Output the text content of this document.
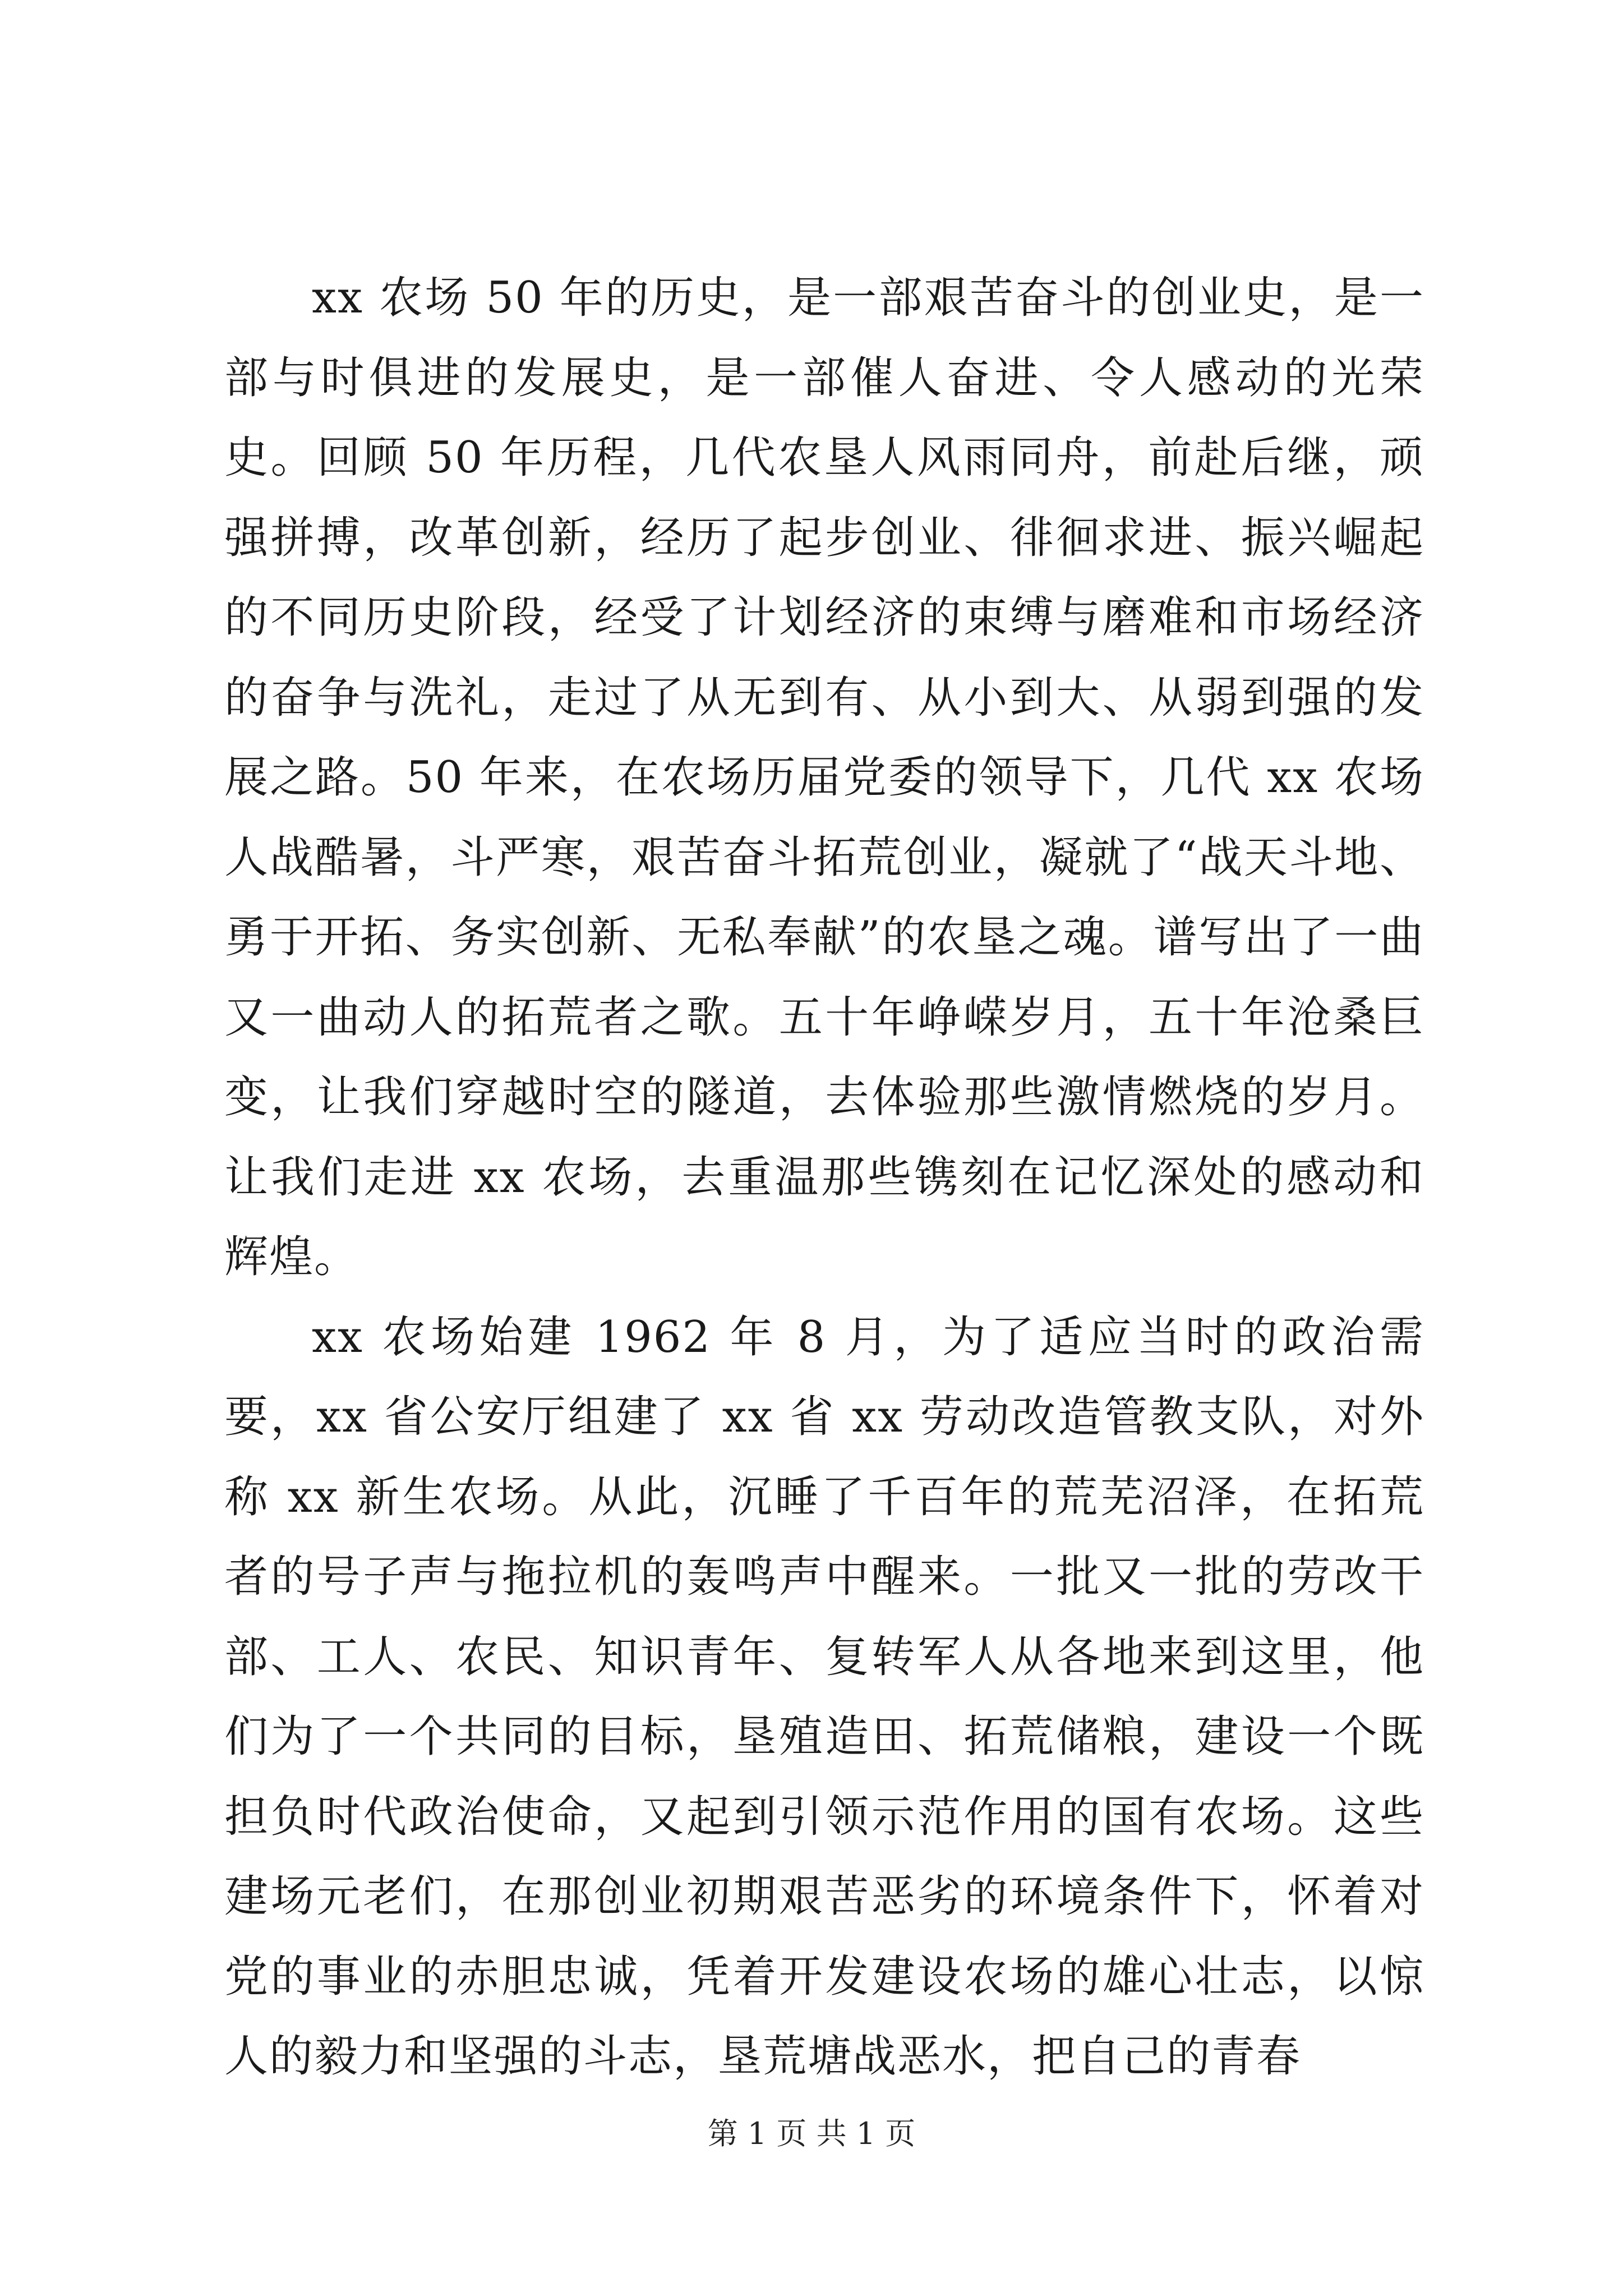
xx 农场 50 年的历史，是一部艰苦奋斗的创业史，是一部与时俱进的发展史，是一部催人奋进、令人感动的光荣史。回顾 50 年历程，几代农垦人风雨同舟，前赴后继，顽强拼搏，改革创新，经历了起步创业、徘徊求进、振兴崛起的不同历史阶段，经受了计划经济的束缚与磨难和市场经济的奋争与洗礼，走过了从无到有、从小到大、从弱到强的发展之路。50 年来，在农场历届党委的领导下，几代 xx 农场人战酷暑，斗严寒，艰苦奋斗拓荒创业，凝就了“战天斗地、勇于开拓、务实创新、无私奉献”的农垦之魂。谱写出了一曲又一曲动人的拓荒者之歌。五十年峥嵘岁月，五十年沧桑巨变，让我们穿越时空的隧道，去体验那些激情燃烧的岁月。让我们走进 xx 农场，去重温那些镌刻在记忆深处的感动和辉煌。

xx 农场始建 1962 年 8 月，为了适应当时的政治需要，xx 省公安厅组建了 xx 省 xx 劳动改造管教支队，对外称 xx 新生农场。从此，沉睡了千百年的荒芜沼泽，在拓荒者的号子声与拖拉机的轰鸣声中醒来。一批又一批的劳改干部、工人、农民、知识青年、复转军人从各地来到这里，他们为了一个共同的目标，垦殖造田、拓荒储粮，建设一个既担负时代政治使命，又起到引领示范作用的国有农场。这些建场元老们，在那创业初期艰苦恶劣的环境条件下，怀着对党的事业的赤胆忠诚，凭着开发建设农场的雄心壮志，以惊人的毅力和坚强的斗志，垦荒塘战恶水，把自己的青春

第 1 页 共 1 页
